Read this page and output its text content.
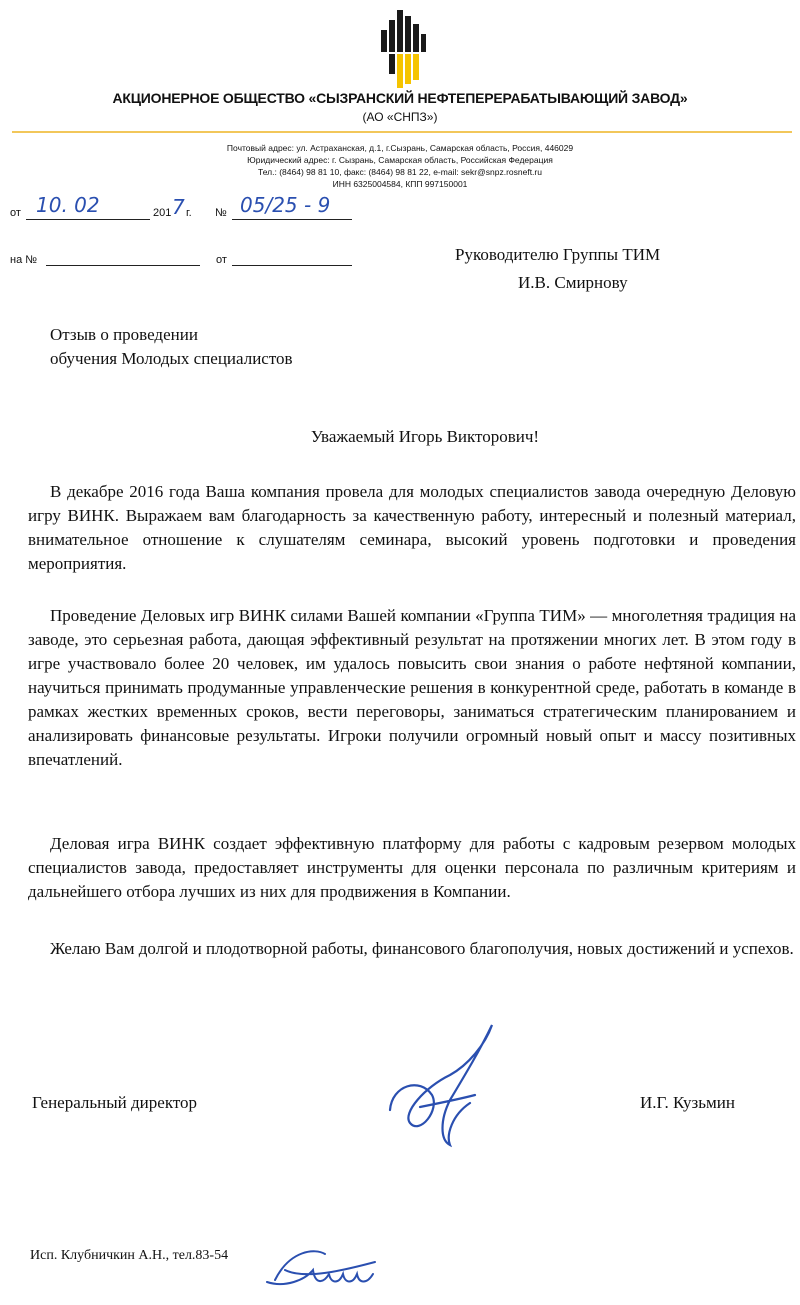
АКЦИОНЕРНОЕ ОБЩЕСТВО «СЫЗРАНСКИЙ НЕФТЕПЕРЕРАБАТЫВАЮЩИЙ ЗАВОД»
(АО «СНПЗ»)
Почтовый адрес: ул. Астраханская, д.1, г.Сызрань, Самарская область, Россия, 446029
Юридический адрес: г. Сызрань, Самарская область, Российская Федерация
Тел.: (8464) 98 81 10, факс: (8464) 98 81 22, e-mail: sekr@snpz.rosneft.ru
ИНН 6325004584, КПП 997150001
от 10. 02	201 7 г. № 05/25 - 9
на №	от	Руководителю Группы ТИМ
И.В. Смирнову
Отзыв о проведении
обучения Молодых специалистов
Уважаемый Игорь Викторович!
В декабре 2016 года Ваша компания провела для молодых специалистов завода очередную Деловую игру ВИНК. Выражаем вам благодарность за качественную работу, интересный и полезный материал, внимательное отношение к слушателям семинара, высокий уровень подготовки и проведения мероприятия.
Проведение Деловых игр ВИНК силами Вашей компании «Группа ТИМ» — многолетняя традиция на заводе, это серьезная работа, дающая эффективный результат на протяжении многих лет. В этом году в игре участвовало более 20 человек, им удалось повысить свои знания о работе нефтяной компании, научиться принимать продуманные управленческие решения в конкурентной среде, работать в команде в рамках жестких временных сроков, вести переговоры, заниматься стратегическим планированием и анализировать финансовые результаты. Игроки получили огромный новый опыт и массу позитивных впечатлений.
Деловая игра ВИНК создает эффективную платформу для работы с кадровым резервом молодых специалистов завода, предоставляет инструменты для оценки персонала по различным критериям и дальнейшего отбора лучших из них для продвижения в Компании.
Желаю Вам долгой и плодотворной работы, финансового благополучия, новых достижений и успехов.
Генеральный директор	И.Г. Кузьмин
Исп. Клубничкин А.Н., тел.83-54
